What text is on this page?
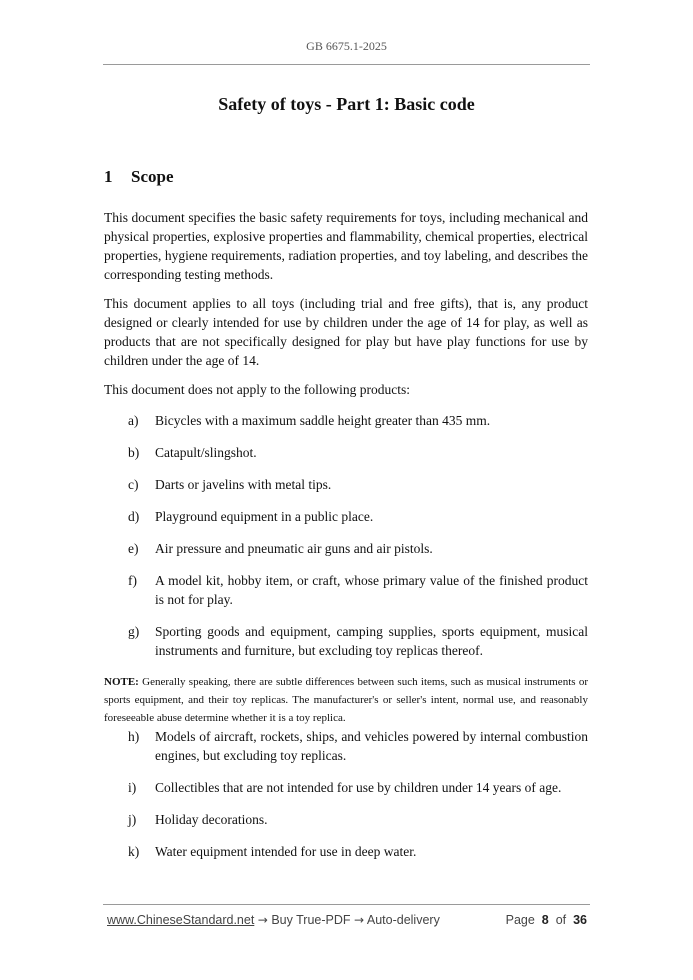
GB 6675.1-2025
Safety of toys - Part 1: Basic code
1 Scope

This document specifies the basic safety requirements for toys, including mechanical and physical properties, explosive properties and flammability, chemical properties, electrical properties, hygiene requirements, radiation properties, and toy labeling, and describes the corresponding testing methods.

This document applies to all toys (including trial and free gifts), that is, any product designed or clearly intended for use by children under the age of 14 for play, as well as products that are not specifically designed for play but have play functions for use by children under the age of 14.

This document does not apply to the following products:

a) Bicycles with a maximum saddle height greater than 435 mm.
b) Catapult/slingshot.
c) Darts or javelins with metal tips.
d) Playground equipment in a public place.
e) Air pressure and pneumatic air guns and air pistols.
f) A model kit, hobby item, or craft, whose primary value of the finished product is not for play.
g) Sporting goods and equipment, camping supplies, sports equipment, musical instruments and furniture, but excluding toy replicas thereof.

NOTE: Generally speaking, there are subtle differences between such items, such as musical instruments or sports equipment, and their toy replicas. The manufacturer's or seller's intent, normal use, and reasonably foreseeable abuse determine whether it is a toy replica.

h) Models of aircraft, rockets, ships, and vehicles powered by internal combustion engines, but excluding toy replicas.
i) Collectibles that are not intended for use by children under 14 years of age.
j) Holiday decorations.
k) Water equipment intended for use in deep water.
www.ChineseStandard.net → Buy True-PDF → Auto-delivery	Page 8 of 36
